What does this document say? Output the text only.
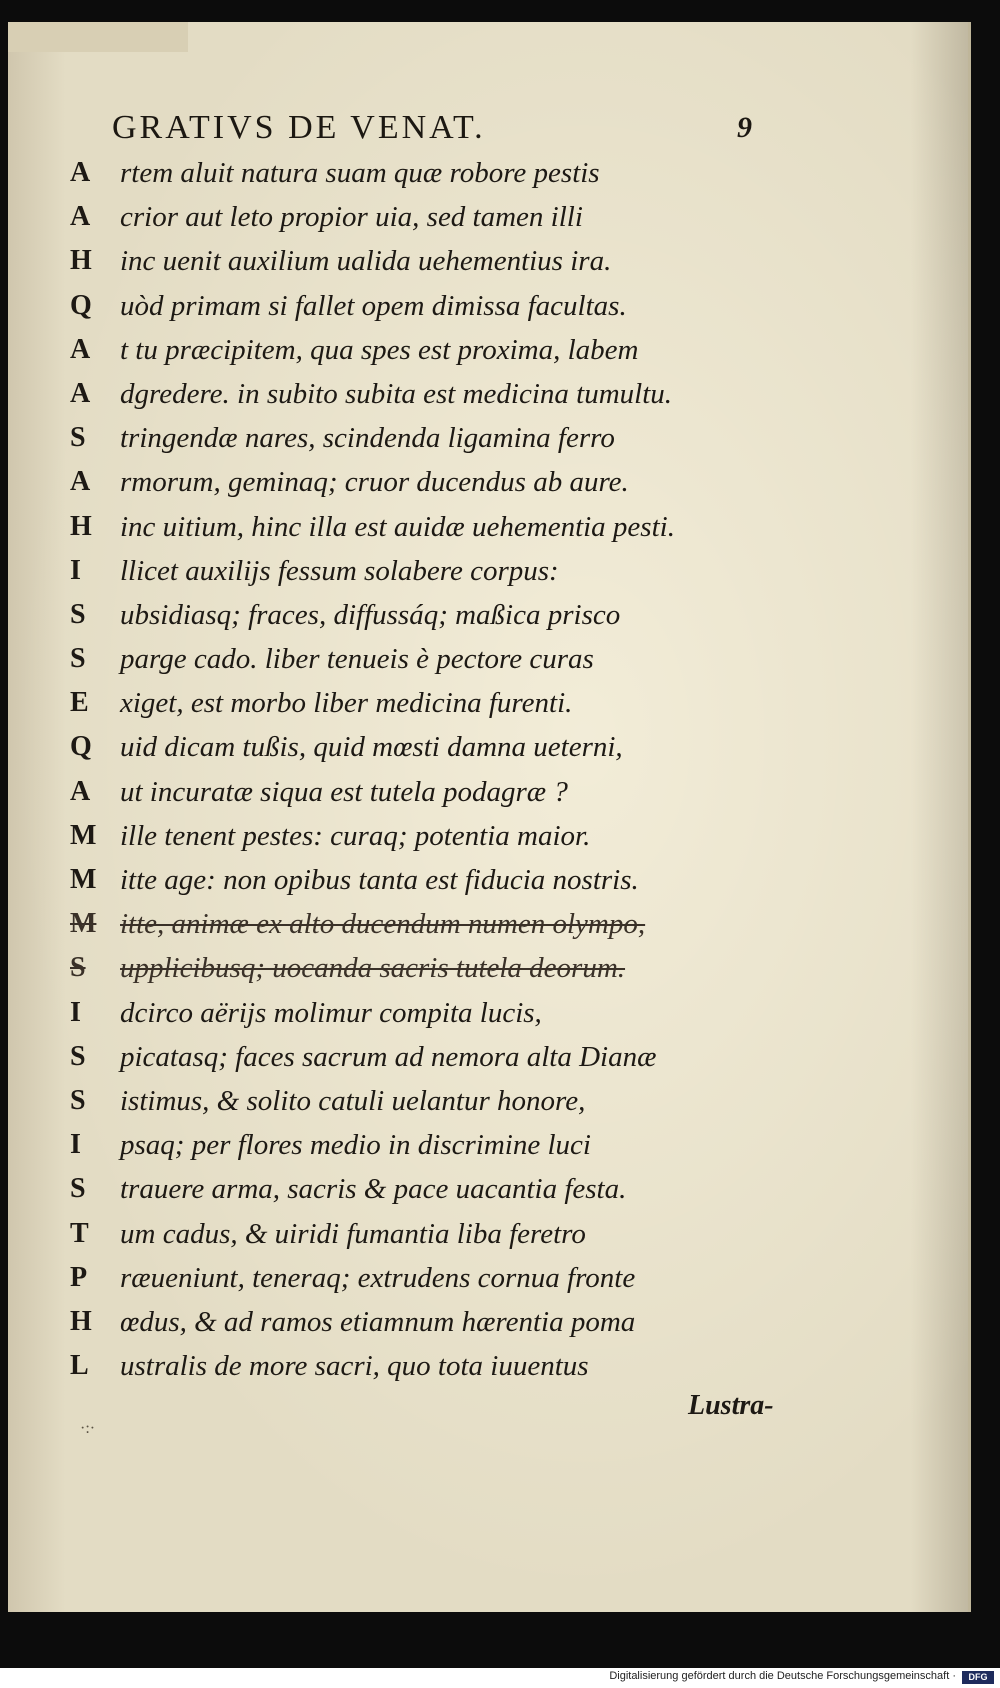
GRATIVS DE VENAT.	9
A	rtem aluit natura suam quæ robore pestis
A	crior aut leto propior uia, sed tamen illi
H inc uenit auxilium ualida uehementius ira.
Q uòd primam si fallet opem dimissa facultas.
A	t tu præcipitem, qua spes est proxima, labem
A	dgredere. in subito subita est medicina tumultu.
S	tringendæ nares, scindenda ligamina ferro
A	rmorum, geminaq; cruor ducendus ab aure.
H inc uitium, hinc illa est auidæ uehementia pesti.
I	llicet auxilijs fessum solabere corpus:
S	ubsidiasq; fraces, diffussáq; maßica prisco
S	parge cado. liber tenueis è pectore curas
E	xiget, est morbo liber medicina furenti.
Q uid dicam tußis, quid mœsti damna ueterni,
A	ut incuratæ siqua est tutela podagræ ?
M ille tenent pestes: curaq; potentia maior.
M itte age: non opibus tanta est fiducia nostris.
M itte, animæ ex alto ducendum numen olympo,
S	upplicibusq; uocanda sacris tutela deorum.
I	dcirco aërijs molimur compita lucis,
S	picatasq; faces sacrum ad nemora alta Dianæ
S	istimus, & solito catuli uelantur honore,
I	psaq; per flores medio in discrimine luci
S	trauere arma, sacris & pace uacantia festa.
T	um cadus, & uiridi fumantia liba feretro
P	ræueniunt, teneraq; extrudens cornua fronte
H œdus, & ad ramos etiamnum hærentia poma
L	ustralis de more sacri, quo tota iuuentus
Lustra-
·:·
Digitalisierung gefördert durch die Deutsche Forschungsgemeinschaft ·	DFG
